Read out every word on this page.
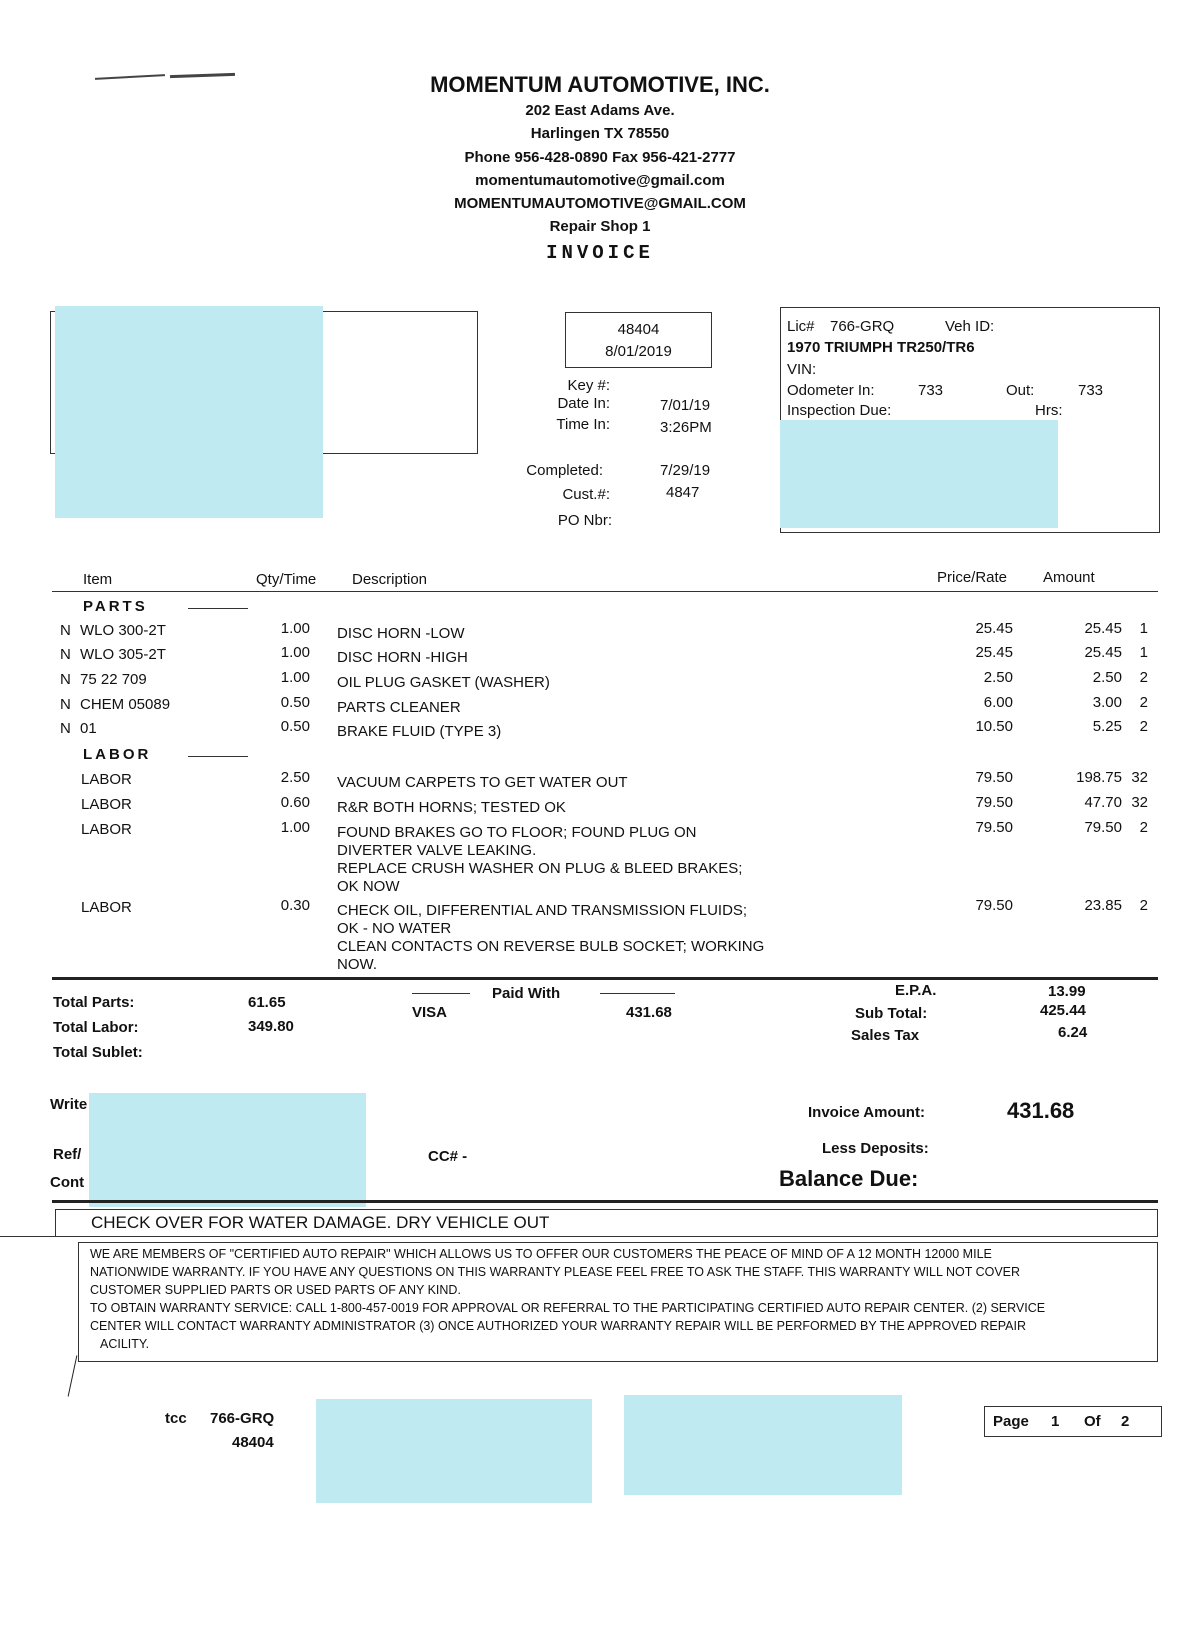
MOMENTUM AUTOMOTIVE, INC.
202 East Adams Ave.
Harlingen TX 78550
Phone 956-428-0890 Fax 956-421-2777
momentumautomotive@gmail.com
MOMENTUMAUTOMOTIVE@GMAIL.COM
Repair Shop 1
INVOICE
48404
8/01/2019
Key #:
Date In:	7/01/19
Time In:	3:26PM
Completed:	7/29/19
Cust.#:	4847
PO Nbr:
Lic# 766-GRQ	Veh ID:
1970 TRIUMPH TR250/TR6
VIN:
Odometer In:	733	Out:	733
Inspection Due:	Hrs:
Item	Qty/Time Description	Price/Rate Amount
PARTS
N WLO 300-2T	1.00 DISC HORN -LOW	25.45	25.45 1
N WLO 305-2T	1.00 DISC HORN -HIGH	25.45	25.45 1
N 75 22 709	1.00 OIL PLUG GASKET (WASHER)	2.50	2.50 2
N CHEM 05089	0.50 PARTS CLEANER	6.00	3.00 2
N 01	0.50 BRAKE FLUID (TYPE 3)	10.50	5.25 2
LABOR
LABOR	2.50 VACUUM CARPETS TO GET WATER OUT	79.50	198.75 32
LABOR	0.60 R&R BOTH HORNS; TESTED OK	79.50	47.70 32
LABOR	1.00 FOUND BRAKES GO TO FLOOR; FOUND PLUG ON
DIVERTER VALVE LEAKING.
REPLACE CRUSH WASHER ON PLUG & BLEED BRAKES;
OK NOW
79.50	79.50 2
LABOR	0.30 CHECK OIL, DIFFERENTIAL AND TRANSMISSION FLUIDS;
OK - NO WATER
CLEAN CONTACTS ON REVERSE BULB SOCKET; WORKING
NOW.
79.50	23.85 2
Total Parts:	61.65
Total Labor:	349.80
Total Sublet:
Paid With
VISA	431.68
E.P.A.	13.99
Sub Total:	425.44
Sales Tax	6.24
Write
Ref/
Cont
CC# -
Invoice Amount:	431.68
Less Deposits:
Balance Due:
CHECK OVER FOR WATER DAMAGE. DRY VEHICLE OUT
WE ARE MEMBERS OF "CERTIFIED AUTO REPAIR" WHICH ALLOWS US TO OFFER OUR CUSTOMERS THE PEACE OF MIND OF A 12 MONTH 12000 MILE
NATIONWIDE WARRANTY. IF YOU HAVE ANY QUESTIONS ON THIS WARRANTY PLEASE FEEL FREE TO ASK THE STAFF. THIS WARRANTY WILL NOT COVER
CUSTOMER SUPPLIED PARTS OR USED PARTS OF ANY KIND.
TO OBTAIN WARRANTY SERVICE: CALL 1-800-457-0019 FOR APPROVAL OR REFERRAL TO THE PARTICIPATING CERTIFIED AUTO REPAIR CENTER. (2) SERVICE
CENTER WILL CONTACT WARRANTY ADMINISTRATOR (3) ONCE AUTHORIZED YOUR WARRANTY REPAIR WILL BE PERFORMED BY THE APPROVED REPAIR
ACILITY.
tcc 766-GRQ
48404
Page 1 Of 2
